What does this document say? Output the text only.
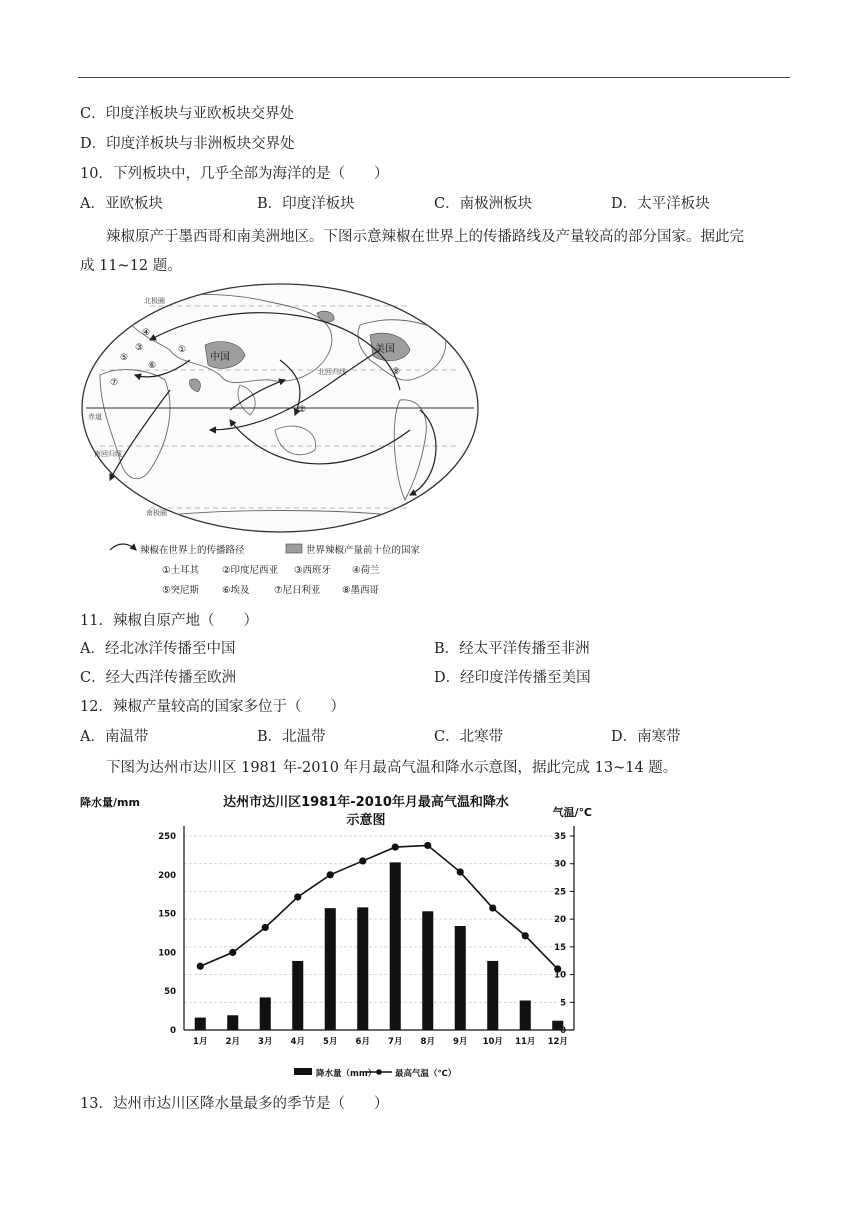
C．印度洋板块与亚欧板块交界处
D．印度洋板块与非洲板块交界处
10．下列板块中，几乎全部为海洋的是（　　）
A．亚欧板块	B．印度洋板块	C．南极洲板块	D．太平洋板块
辣椒原产于墨西哥和南美洲地区。下图示意辣椒在世界上的传播路线及产量较高的部分国家。据此完
成 11~12 题。
中国
美国
北回归线
赤道
南回归线
南极圈
北极圈
①
②
③
④
⑤
⑥
⑦
⑧
辣椒在世界上的传播路径	世界辣椒产量前十位的国家
①土耳其 ②印度尼西亚 ③西班牙 ④荷兰
⑤突尼斯 ⑥埃及	⑦尼日利亚 ⑧墨西哥
11．辣椒自原产地（　　）
A．经北冰洋传播至中国	B．经太平洋传播至非洲
C．经大西洋传播至欧洲	D．经印度洋传播至美国
12．辣椒产量较高的国家多位于（　　）
A．南温带	B．北温带	C．北寒带	D．南寒带
下图为达州市达川区 1981 年-2010 年月最高气温和降水示意图，据此完成 13~14 题。
降水量/mm
气温/℃
达州市达川区1981年-2010年月最高气温和降水
示意图
1月 2月 3月 4月 5月 6月 7月 8月 9月 10月 11月 12月
0
50
100
150
200
250
0
5
10
15
20
25
30
35
降水量（mm） 最高气温（℃）
13．达州市达川区降水量最多的季节是（　　）
